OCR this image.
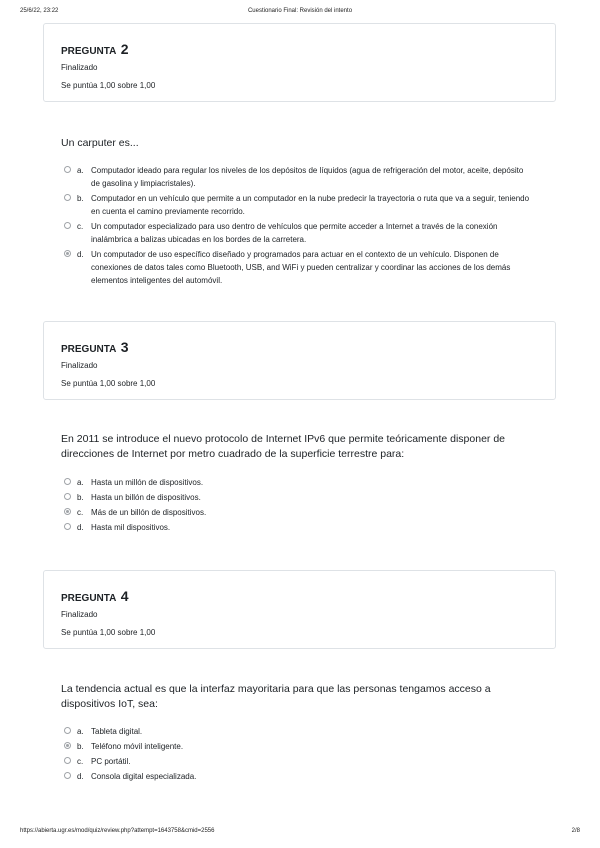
25/6/22, 23:22	Cuestionario Final: Revisión del intento
PREGUNTA 2
Finalizado
Se puntúa 1,00 sobre 1,00
Un carputer es...
a. Computador ideado para regular los niveles de los depósitos de líquidos (agua de refrigeración del motor, aceite, depósito de gasolina y limpiacristales).
b. Computador en un vehículo que permite a un computador en la nube predecir la trayectoria o ruta que va a seguir, teniendo en cuenta el camino previamente recorrido.
c. Un computador especializado para uso dentro de vehículos que permite acceder a Internet a través de la conexión inalámbrica a balizas ubicadas en los bordes de la carretera.
d. Un computador de uso específico diseñado y programados para actuar en el contexto de un vehículo. Disponen de conexiones de datos tales como Bluetooth, USB, and WiFi y pueden centralizar y coordinar las acciones de los demás elementos inteligentes del automóvil.
PREGUNTA 3
Finalizado
Se puntúa 1,00 sobre 1,00
En 2011 se introduce el nuevo protocolo de Internet IPv6 que permite teóricamente disponer de direcciones de Internet por metro cuadrado de la superficie terrestre para:
a. Hasta un millón de dispositivos.
b. Hasta un billón de dispositivos.
c. Más de un billón de dispositivos.
d. Hasta mil dispositivos.
PREGUNTA 4
Finalizado
Se puntúa 1,00 sobre 1,00
La tendencia actual es que la interfaz mayoritaria para que las personas tengamos acceso a dispositivos IoT, sea:
a. Tableta digital.
b. Teléfono móvil inteligente.
c. PC portátil.
d. Consola digital especializada.
https://abierta.ugr.es/mod/quiz/review.php?attempt=1643758&cmid=2556	2/8
